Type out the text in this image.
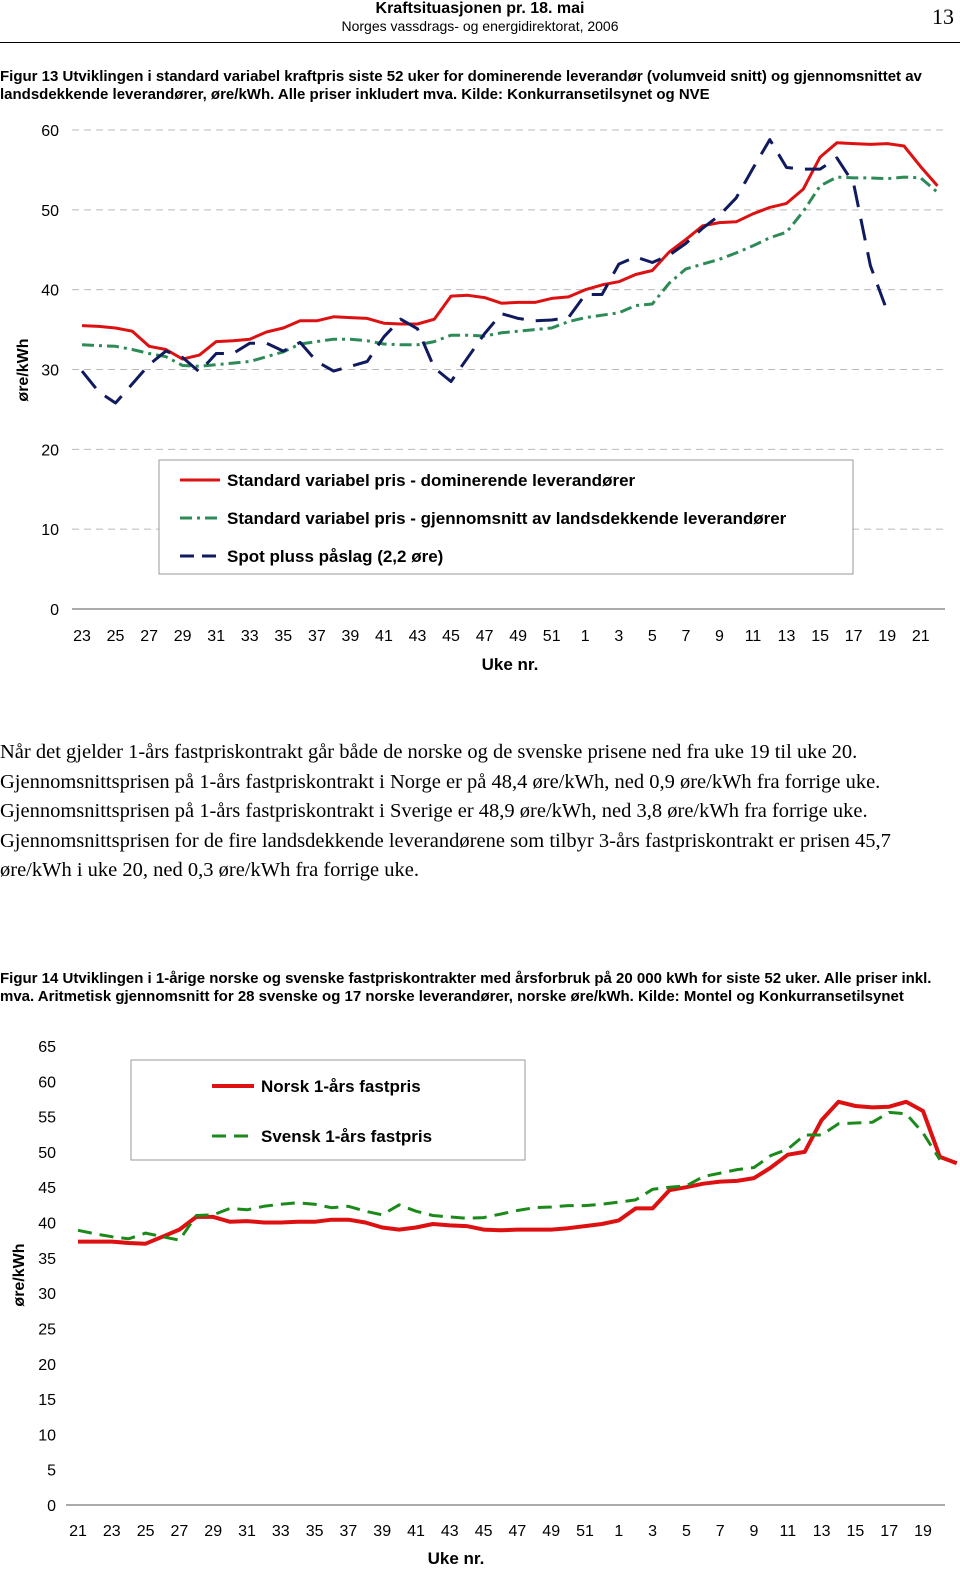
Kraftsituasjonen pr. 18. mai
Norges vassdrags- og energidirektorat, 2006	13
Figur 13 Utviklingen i standard variabel kraftpris siste 52 uker for dominerende leverandør (volumveid snitt) og gjennomsnittet av landsdekkende leverandører, øre/kWh. Alle priser inkludert mva. Kilde: Konkurransetilsynet og NVE
0
10
20
30
40
50
60
23 25 27 29 31 33 35 37 39 41 43 45 47 49 51 1 3 5 7 9 11 13 15 17 19 21
Uke nr.
øre/kWh
Standard variabel pris - dominerende leverandører
Standard variabel pris - gjennomsnitt av landsdekkende leverandører
Spot pluss påslag (2,2 øre)
Når det gjelder 1-års fastpriskontrakt går både de norske og de svenske prisene ned fra uke 19 til uke 20. Gjennomsnittsprisen på 1-års fastpriskontrakt i Norge er på 48,4 øre/kWh, ned 0,9 øre/kWh fra forrige uke. Gjennomsnittsprisen på 1-års fastpriskontrakt i Sverige er 48,9 øre/kWh, ned 3,8 øre/kWh fra forrige uke. Gjennomsnittsprisen for de fire landsdekkende leverandørene som tilbyr 3-års fastpriskontrakt er prisen 45,7 øre/kWh i uke 20, ned 0,3 øre/kWh fra forrige uke.
Figur 14 Utviklingen i 1-årige norske og svenske fastpriskontrakter med årsforbruk på 20 000 kWh for siste 52 uker. Alle priser inkl. mva. Aritmetisk gjennomsnitt for 28 svenske og 17 norske leverandører, norske øre/kWh. Kilde: Montel og Konkurransetilsynet
0
5
10
15
20
25
30
35
40
45
50
55
60
65
21 23 25 27 29 31 33 35 37 39 41 43 45 47 49 51 1 3 5 7 9 11 13 15 17 19
Uke nr.
øre/kWh
Norsk 1-års fastpris
Svensk 1-års fastpris
